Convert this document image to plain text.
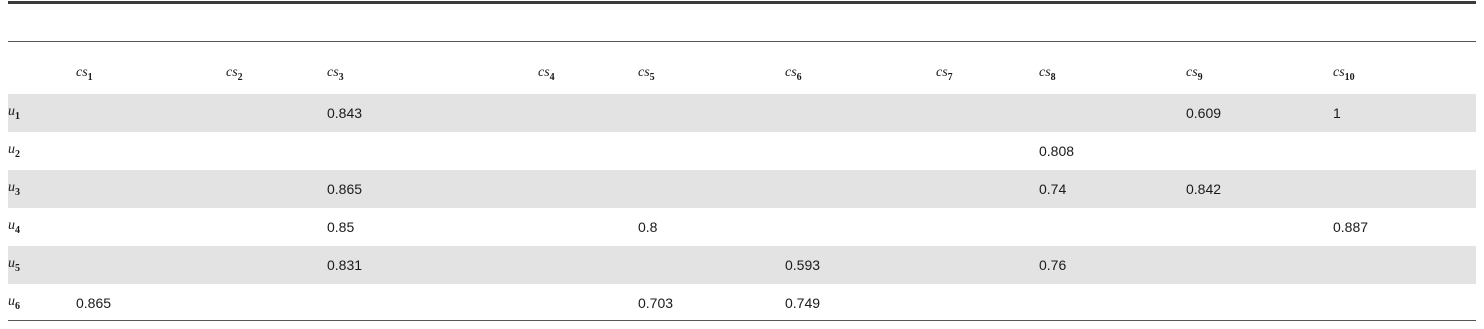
	$cs_1$	$cs_2$	$cs_3$	$cs_4$	$cs_5$	$cs_6$	$cs_7$	$cs_8$	$cs_9$	$cs_{10}$
$u_1$			0.843						0.609	1
$u_2$								0.808		
$u_3$			0.865					0.74	0.842	
$u_4$			0.85		0.8					0.887
$u_5$			0.831			0.593		0.76		
$u_6$	0.865				0.703	0.749				
